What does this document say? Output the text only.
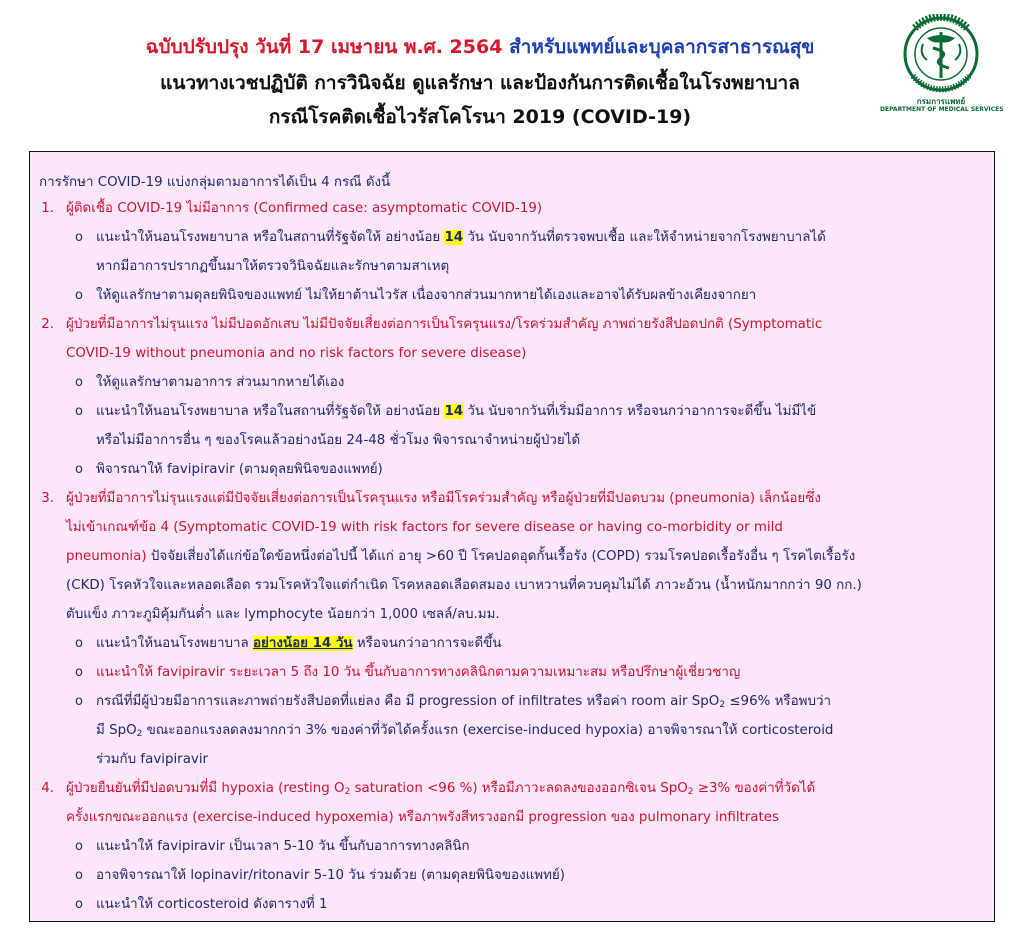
ฉบับปรับปรุง วันที่ 17 เมษายน พ.ศ. 2564 สำหรับแพทย์และบุคลากรสาธารณสุข
แนวทางเวชปฏิบัติ การวินิจฉัย ดูแลรักษา และป้องกันการติดเชื้อในโรงพยาบาล
กรณีโรคติดเชื้อไวรัสโคโรนา 2019 (COVID-19)
กรมการแพทย์
DEPARTMENT OF MEDICAL SERVICES
การรักษา COVID-19 แบ่งกลุ่มตามอาการได้เป็น 4 กรณี ดังนี้
1. ผู้ติดเชื้อ COVID-19 ไม่มีอาการ (Confirmed case: asymptomatic COVID-19)
o แนะนำให้นอนโรงพยาบาล หรือในสถานที่รัฐจัดให้ อย่างน้อย 14 วัน นับจากวันที่ตรวจพบเชื้อ และให้จำหน่ายจากโรงพยาบาลได้
หากมีอาการปรากฏขึ้นมาให้ตรวจวินิจฉัยและรักษาตามสาเหตุ
o ให้ดูแลรักษาตามดุลยพินิจของแพทย์ ไม่ให้ยาต้านไวรัส เนื่องจากส่วนมากหายได้เองและอาจได้รับผลข้างเคียงจากยา
2. ผู้ป่วยที่มีอาการไม่รุนแรง ไม่มีปอดอักเสบ ไม่มีปัจจัยเสี่ยงต่อการเป็นโรครุนแรง/โรคร่วมสำคัญ ภาพถ่ายรังสีปอดปกติ (Symptomatic
COVID-19 without pneumonia and no risk factors for severe disease)
o ให้ดูแลรักษาตามอาการ ส่วนมากหายได้เอง
o แนะนำให้นอนโรงพยาบาล หรือในสถานที่รัฐจัดให้ อย่างน้อย 14 วัน นับจากวันที่เริ่มมีอาการ หรือจนกว่าอาการจะดีขึ้น ไม่มีไข้
หรือไม่มีอาการอื่น ๆ ของโรคแล้วอย่างน้อย 24-48 ชั่วโมง พิจารณาจำหน่ายผู้ป่วยได้
o พิจารณาให้ favipiravir (ตามดุลยพินิจของแพทย์)
3. ผู้ป่วยที่มีอาการไม่รุนแรงแต่มีปัจจัยเสี่ยงต่อการเป็นโรครุนแรง หรือมีโรคร่วมสำคัญ หรือผู้ป่วยที่มีปอดบวม (pneumonia) เล็กน้อยซึ่ง
ไม่เข้าเกณฑ์ข้อ 4 (Symptomatic COVID-19 with risk factors for severe disease or having co-morbidity or mild
pneumonia) ปัจจัยเสี่ยงได้แก่ข้อใดข้อหนึ่งต่อไปนี้ ได้แก่ อายุ >60 ปี โรคปอดอุดกั้นเรื้อรัง (COPD) รวมโรคปอดเรื้อรังอื่น ๆ โรคไตเรื้อรัง
(CKD) โรคหัวใจและหลอดเลือด รวมโรคหัวใจแต่กำเนิด โรคหลอดเลือดสมอง เบาหวานที่ควบคุมไม่ได้ ภาวะอ้วน (น้ำหนักมากกว่า 90 กก.)
ตับแข็ง ภาวะภูมิคุ้มกันต่ำ และ lymphocyte น้อยกว่า 1,000 เซลล์/ลบ.มม.
o แนะนำให้นอนโรงพยาบาล อย่างน้อย 14 วัน หรือจนกว่าอาการจะดีขึ้น
o แนะนำให้ favipiravir ระยะเวลา 5 ถึง 10 วัน ขึ้นกับอาการทางคลินิกตามความเหมาะสม หรือปรึกษาผู้เชี่ยวชาญ
o กรณีที่มีผู้ป่วยมีอาการและภาพถ่ายรังสีปอดที่แย่ลง คือ มี progression of infiltrates หรือค่า room air SpO2 ≤96% หรือพบว่า
มี SpO2 ขณะออกแรงลดลงมากกว่า 3% ของค่าที่วัดได้ครั้งแรก (exercise-induced hypoxia) อาจพิจารณาให้ corticosteroid
ร่วมกับ favipiravir
4. ผู้ป่วยยืนยันที่มีปอดบวมที่มี hypoxia (resting O2 saturation <96 %) หรือมีภาวะลดลงของออกซิเจน SpO2 ≥3% ของค่าที่วัดได้
ครั้งแรกขณะออกแรง (exercise-induced hypoxemia) หรือภาพรังสีทรวงอกมี progression ของ pulmonary infiltrates
o แนะนำให้ favipiravir เป็นเวลา 5-10 วัน ขึ้นกับอาการทางคลินิก
o อาจพิจารณาให้ lopinavir/ritonavir 5-10 วัน ร่วมด้วย (ตามดุลยพินิจของแพทย์)
o แนะนำให้ corticosteroid ดังตารางที่ 1
